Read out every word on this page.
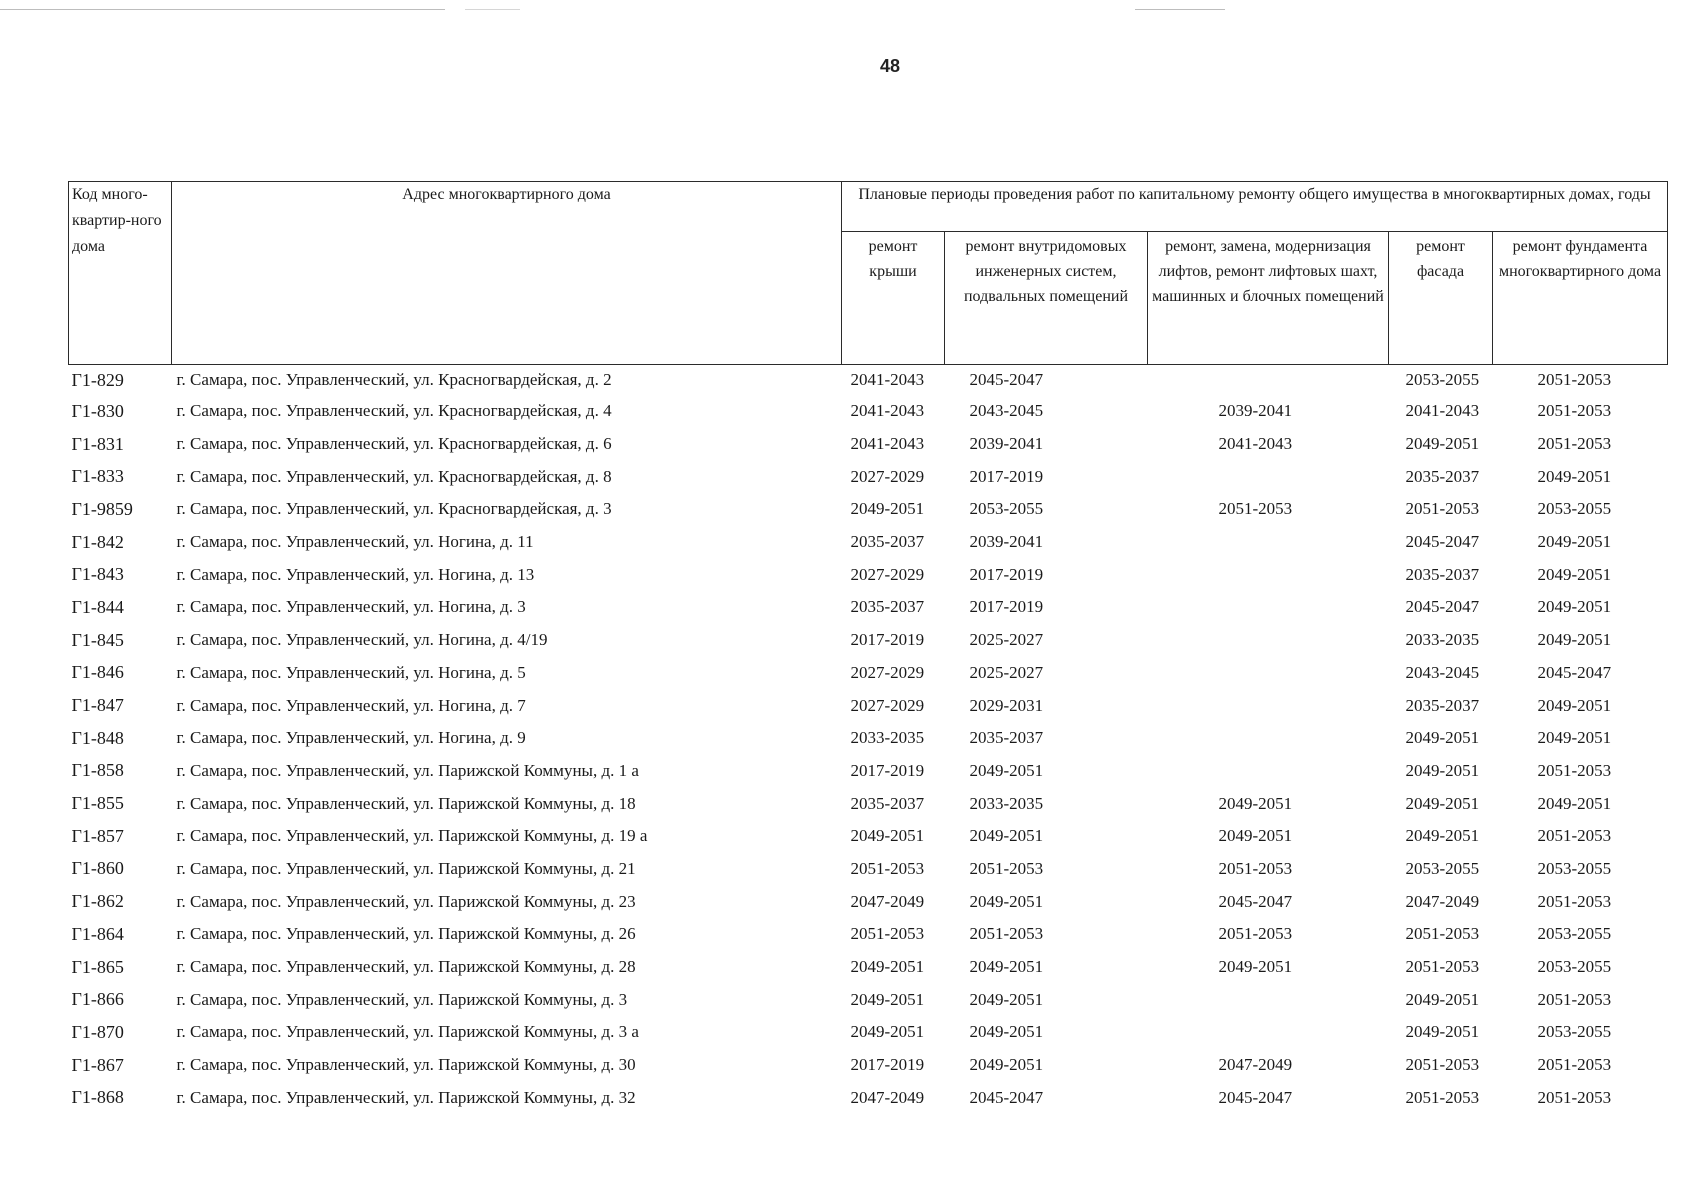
48
Код много-квартир-ного дома	Адрес многоквартирного дома	Плановые периоды проведения работ по капитальному ремонту общего имущества в многоквартирных домах, годы				
		ремонт крыши	ремонт внутридомовых инженерных систем, подвальных помещений	ремонт, замена, модернизация лифтов, ремонт лифтовых шахт, машинных и блочных помещений	ремонт фасада	ремонт фундамента многоквартирного дома
Г1-829	г. Самара, пос. Управленческий, ул. Красногвардейская, д. 2	2041-2043	2045-2047		2053-2055	2051-2053
Г1-830	г. Самара, пос. Управленческий, ул. Красногвардейская, д. 4	2041-2043	2043-2045	2039-2041	2041-2043	2051-2053
Г1-831	г. Самара, пос. Управленческий, ул. Красногвардейская, д. 6	2041-2043	2039-2041	2041-2043	2049-2051	2051-2053
Г1-833	г. Самара, пос. Управленческий, ул. Красногвардейская, д. 8	2027-2029	2017-2019		2035-2037	2049-2051
Г1-9859	г. Самара, пос. Управленческий, ул. Красногвардейская, д. 3	2049-2051	2053-2055	2051-2053	2051-2053	2053-2055
Г1-842	г. Самара, пос. Управленческий, ул. Ногина, д. 11	2035-2037	2039-2041		2045-2047	2049-2051
Г1-843	г. Самара, пос. Управленческий, ул. Ногина, д. 13	2027-2029	2017-2019		2035-2037	2049-2051
Г1-844	г. Самара, пос. Управленческий, ул. Ногина, д. 3	2035-2037	2017-2019		2045-2047	2049-2051
Г1-845	г. Самара, пос. Управленческий, ул. Ногина, д. 4/19	2017-2019	2025-2027		2033-2035	2049-2051
Г1-846	г. Самара, пос. Управленческий, ул. Ногина, д. 5	2027-2029	2025-2027		2043-2045	2045-2047
Г1-847	г. Самара, пос. Управленческий, ул. Ногина, д. 7	2027-2029	2029-2031		2035-2037	2049-2051
Г1-848	г. Самара, пос. Управленческий, ул. Ногина, д. 9	2033-2035	2035-2037		2049-2051	2049-2051
Г1-858	г. Самара, пос. Управленческий, ул. Парижской Коммуны, д. 1 а	2017-2019	2049-2051		2049-2051	2051-2053
Г1-855	г. Самара, пос. Управленческий, ул. Парижской Коммуны, д. 18	2035-2037	2033-2035	2049-2051	2049-2051	2049-2051
Г1-857	г. Самара, пос. Управленческий, ул. Парижской Коммуны, д. 19 а	2049-2051	2049-2051	2049-2051	2049-2051	2051-2053
Г1-860	г. Самара, пос. Управленческий, ул. Парижской Коммуны, д. 21	2051-2053	2051-2053	2051-2053	2053-2055	2053-2055
Г1-862	г. Самара, пос. Управленческий, ул. Парижской Коммуны, д. 23	2047-2049	2049-2051	2045-2047	2047-2049	2051-2053
Г1-864	г. Самара, пос. Управленческий, ул. Парижской Коммуны, д. 26	2051-2053	2051-2053	2051-2053	2051-2053	2053-2055
Г1-865	г. Самара, пос. Управленческий, ул. Парижской Коммуны, д. 28	2049-2051	2049-2051	2049-2051	2051-2053	2053-2055
Г1-866	г. Самара, пос. Управленческий, ул. Парижской Коммуны, д. 3	2049-2051	2049-2051		2049-2051	2051-2053
Г1-870	г. Самара, пос. Управленческий, ул. Парижской Коммуны, д. 3 а	2049-2051	2049-2051		2049-2051	2053-2055
Г1-867	г. Самара, пос. Управленческий, ул. Парижской Коммуны, д. 30	2017-2019	2049-2051	2047-2049	2051-2053	2051-2053
Г1-868	г. Самара, пос. Управленческий, ул. Парижской Коммуны, д. 32	2047-2049	2045-2047	2045-2047	2051-2053	2051-2053
